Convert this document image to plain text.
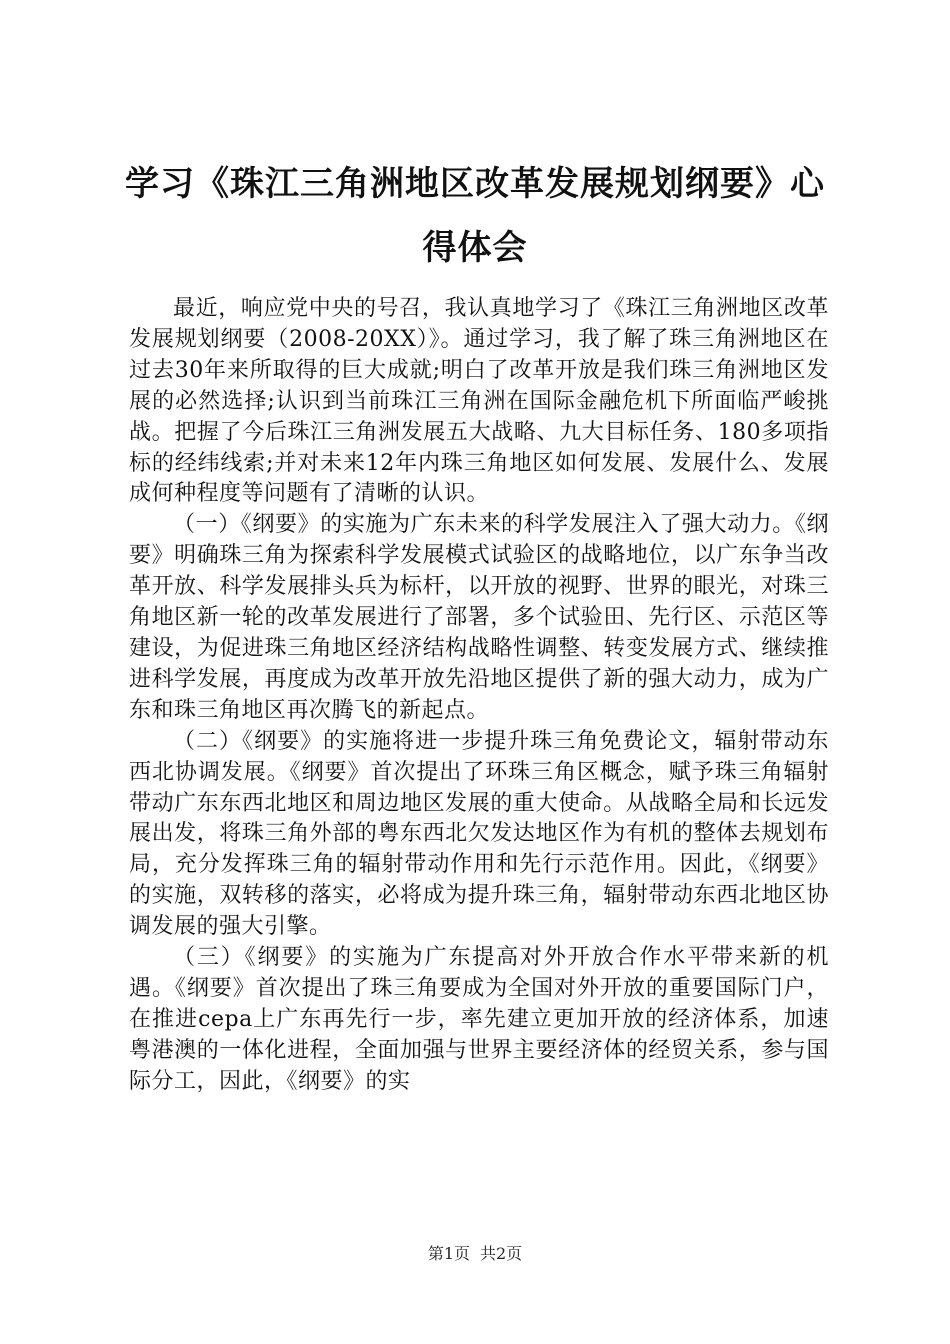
学习《珠江三角洲地区改革发展规划纲要》心得体会

最近，响应党中央的号召，我认真地学习了《珠江三角洲地区改革发展规划纲要（2008-20XX）》。通过学习，我了解了珠三角洲地区在过去30年来所取得的巨大成就;明白了改革开放是我们珠三角洲地区发展的必然选择;认识到当前珠江三角洲在国际金融危机下所面临严峻挑战。把握了今后珠江三角洲发展五大战略、九大目标任务、180多项指标的经纬线索;并对未来12年内珠三角地区如何发展、发展什么、发展成何种程度等问题有了清晰的认识。

（一）《纲要》的实施为广东未来的科学发展注入了强大动力。《纲要》明确珠三角为探索科学发展模式试验区的战略地位，以广东争当改革开放、科学发展排头兵为标杆，以开放的视野、世界的眼光，对珠三角地区新一轮的改革发展进行了部署，多个试验田、先行区、示范区等建设，为促进珠三角地区经济结构战略性调整、转变发展方式、继续推进科学发展，再度成为改革开放先沿地区提供了新的强大动力，成为广东和珠三角地区再次腾飞的新起点。

（二）《纲要》的实施将进一步提升珠三角免费论文，辐射带动东西北协调发展。《纲要》首次提出了环珠三角区概念，赋予珠三角辐射带动广东东西北地区和周边地区发展的重大使命。从战略全局和长远发展出发，将珠三角外部的粤东西北欠发达地区作为有机的整体去规划布局，充分发挥珠三角的辐射带动作用和先行示范作用。因此，《纲要》的实施，双转移的落实，必将成为提升珠三角，辐射带动东西北地区协调发展的强大引擎。

（三）《纲要》的实施为广东提高对外开放合作水平带来新的机遇。《纲要》首次提出了珠三角要成为全国对外开放的重要国际门户，在推进cepa上广东再先行一步，率先建立更加开放的经济体系，加速粤港澳的一体化进程，全面加强与世界主要经济体的经贸关系，参与国际分工，因此，《纲要》的实

第1页 共2页
